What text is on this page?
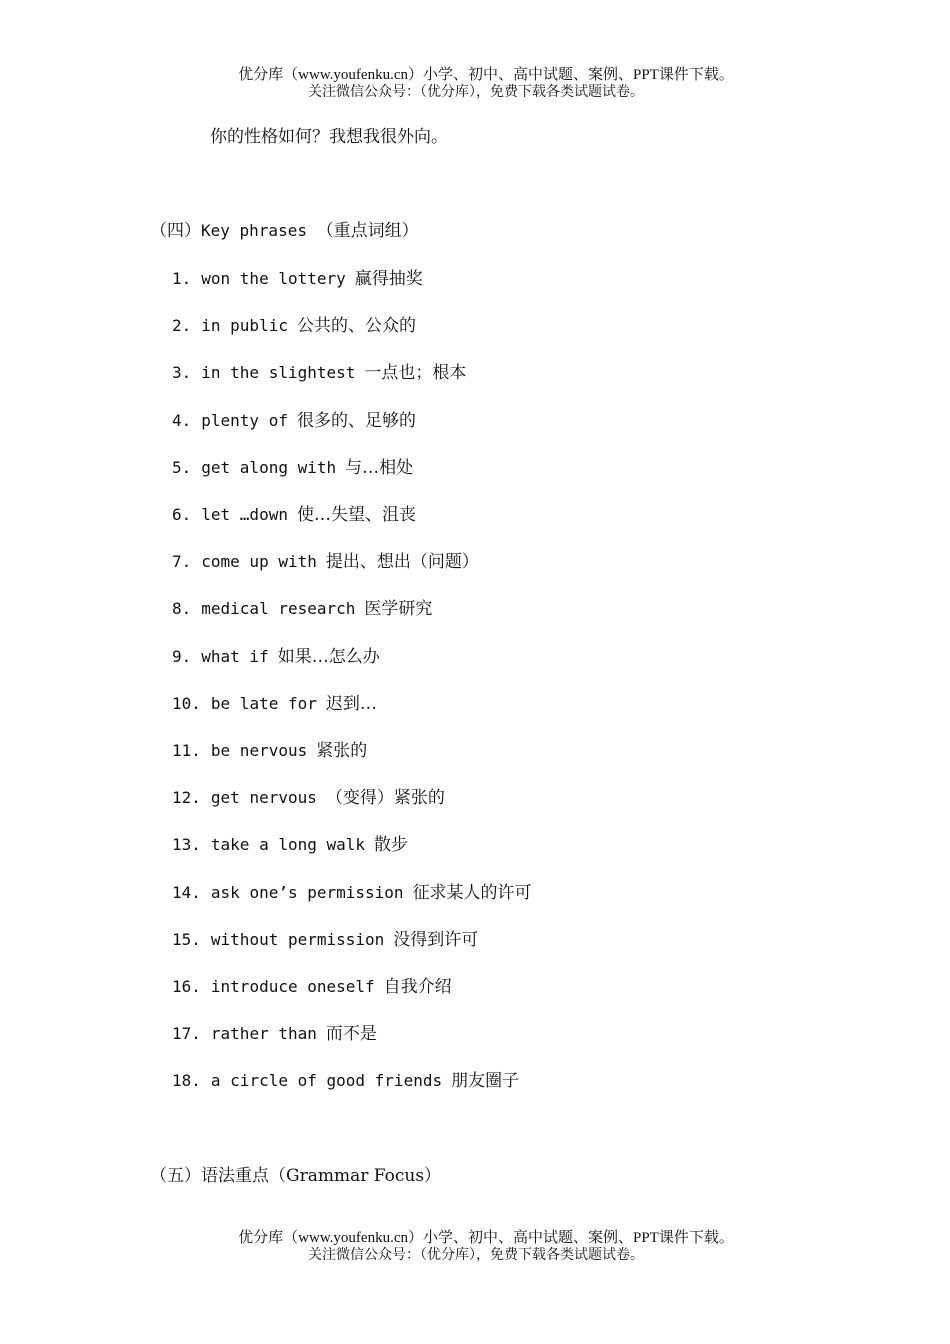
优分库（www.youfenku.cn）小学、初中、高中试题、案例、PPT课件下载。
关注微信公众号：（优分库），免费下载各类试题试卷。
你的性格如何？我想我很外向。
（四）Key phrases （重点词组）
1. won the lottery 赢得抽奖
2. in public 公共的、公众的
3. in the slightest 一点也；根本
4. plenty of 很多的、足够的
5. get along with 与…相处
6. let …down 使…失望、沮丧
7. come up with 提出、想出（问题）
8. medical research 医学研究
9. what if 如果…怎么办
10. be late for 迟到…
11. be nervous 紧张的
12. get nervous （变得）紧张的
13. take a long walk 散步
14. ask one’s permission 征求某人的许可
15. without permission 没得到许可
16. introduce oneself 自我介绍
17. rather than 而不是
18. a circle of good friends 朋友圈子
（五）语法重点（Grammar Focus）
优分库（www.youfenku.cn）小学、初中、高中试题、案例、PPT课件下载。
关注微信公众号：（优分库），免费下载各类试题试卷。
